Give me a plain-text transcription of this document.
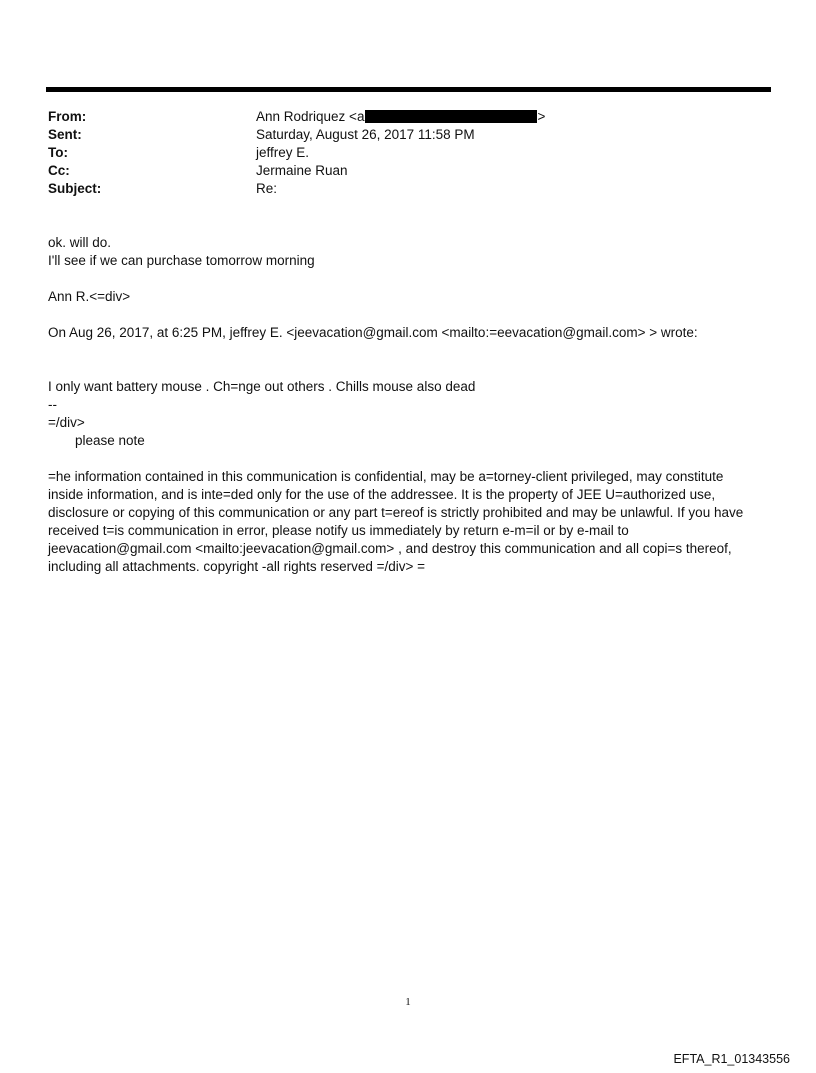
From:	Ann Rodriquez <a	>
Sent:	Saturday, August 26, 2017 11:58 PM
To:	jeffrey E.
Cc:	Jermaine Ruan
Subject:	Re:

ok. will do.

I'll see if we can purchase tomorrow morning

Ann R.<=div>

On Aug 26, 2017, at 6:25 PM, jeffrey E. <jeevacation@gmail.com <mailto:=eevacation@gmail.com> > wrote:

I only want battery mouse . Ch=nge out others . Chills mouse also dead

--

=/div>

please note

=he information contained in this communication is confidential, may be a=torney-client privileged, may constitute inside information, and is inte=ded only for the use of the addressee. It is the property of JEE U=authorized use, disclosure or copying of this communication or any part t=ereof is strictly prohibited and may be unlawful. If you have received t=is communication in error, please notify us immediately by return e-m=il or by e-mail to jeevacation@gmail.com <mailto:jeevacation@gmail.com> , and destroy this communication and all copi=s thereof, including all attachments. copyright -all rights reserved =/div> =

1
EFTA_R1_01343556
